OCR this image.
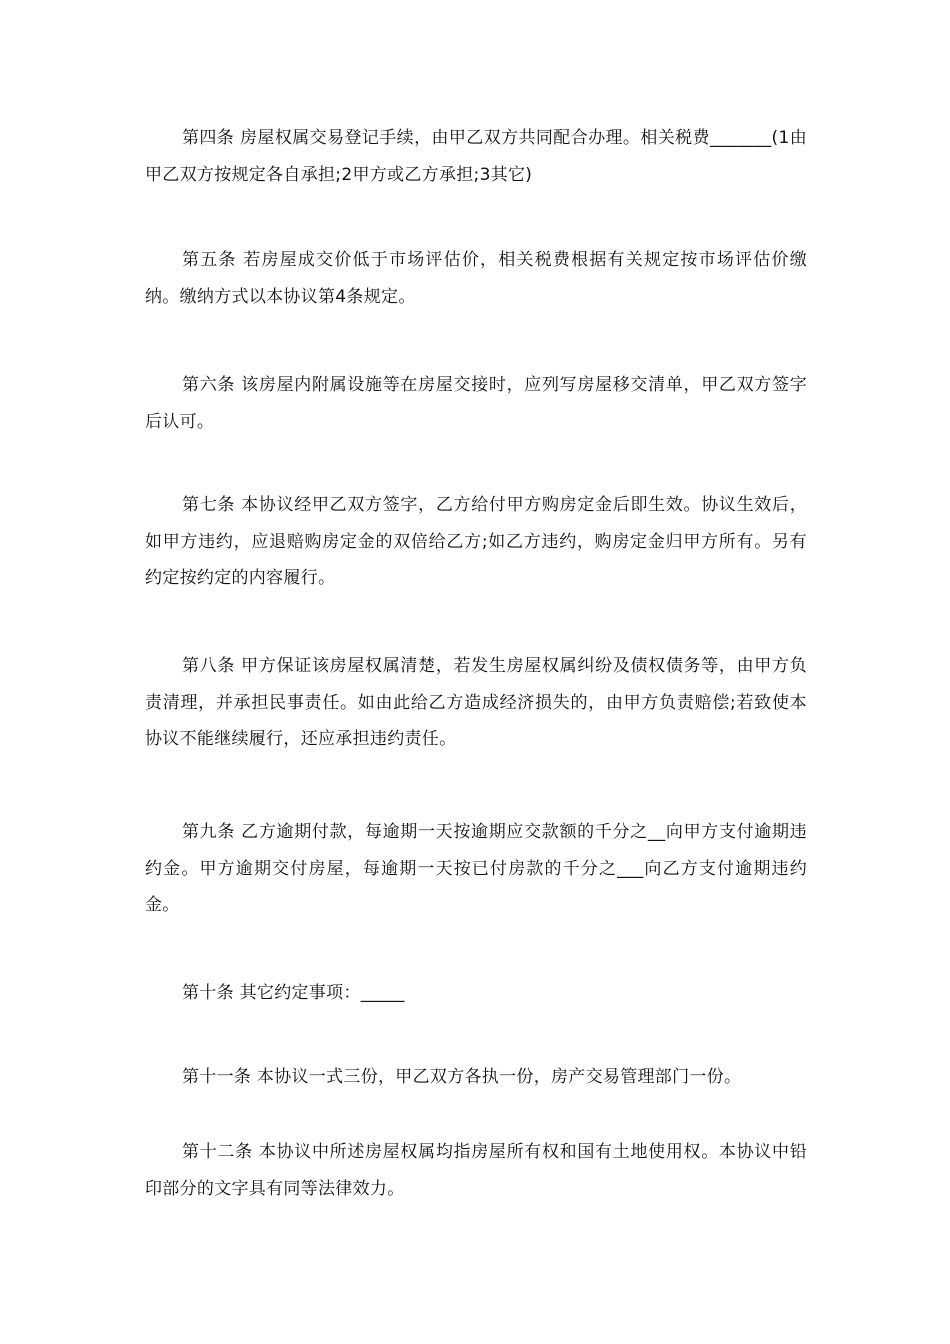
第四条 房屋权属交易登记手续，由甲乙双方共同配合办理。相关税费_______(1由甲乙双方按规定各自承担;2甲方或乙方承担;3其它)

第五条 若房屋成交价低于市场评估价，相关税费根据有关规定按市场评估价缴纳。缴纳方式以本协议第4条规定。

第六条 该房屋内附属设施等在房屋交接时，应列写房屋移交清单，甲乙双方签字后认可。

第七条 本协议经甲乙双方签字，乙方给付甲方购房定金后即生效。协议生效后，如甲方违约，应退赔购房定金的双倍给乙方;如乙方违约，购房定金归甲方所有。另有约定按约定的内容履行。

第八条 甲方保证该房屋权属清楚，若发生房屋权属纠纷及债权债务等，由甲方负责清理，并承担民事责任。如由此给乙方造成经济损失的，由甲方负责赔偿;若致使本协议不能继续履行，还应承担违约责任。

第九条 乙方逾期付款，每逾期一天按逾期应交款额的千分之__向甲方支付逾期违约金。甲方逾期交付房屋，每逾期一天按已付房款的千分之___向乙方支付逾期违约金。

第十条 其它约定事项：_____

第十一条 本协议一式三份，甲乙双方各执一份，房产交易管理部门一份。

第十二条 本协议中所述房屋权属均指房屋所有权和国有土地使用权。本协议中铅印部分的文字具有同等法律效力。
